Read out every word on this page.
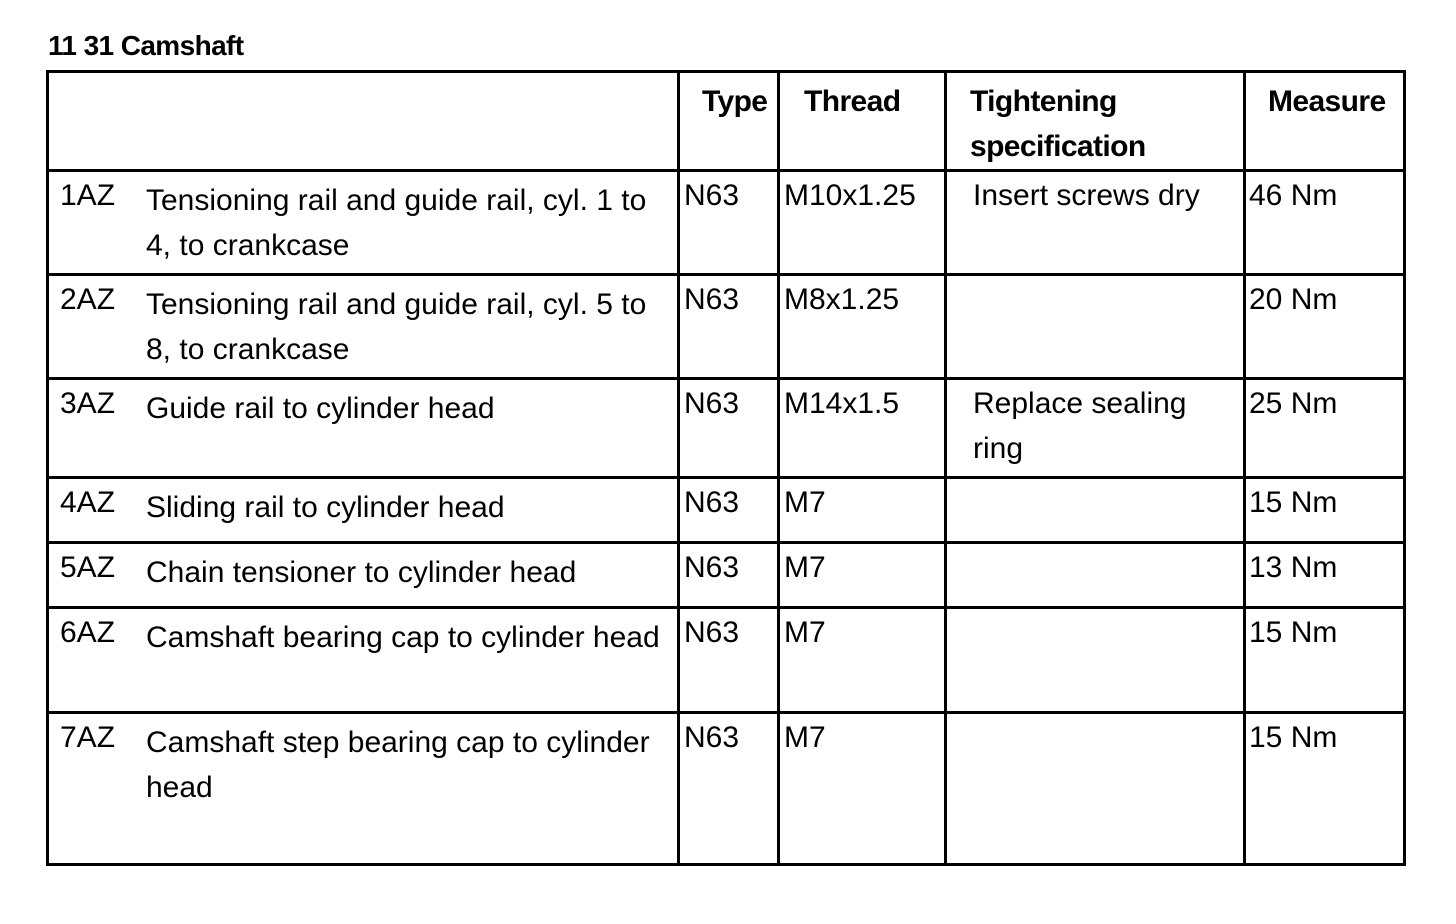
11 31 Camshaft

	Type	Thread	Tightening specification	Measure

1AZ Tensioning rail and guide rail, cyl. 1 to 4, to crankcase	N63	M10x1.25	Insert screws dry	46 Nm

2AZ Tensioning rail and guide rail, cyl. 5 to 8, to crankcase	N63	M8x1.25		20 Nm

3AZ Guide rail to cylinder head	N63	M14x1.5	Replace sealing ring	25 Nm

4AZ Sliding rail to cylinder head	N63	M7		15 Nm

5AZ Chain tensioner to cylinder head	N63	M7		13 Nm

6AZ Camshaft bearing cap to cylinder head	N63	M7		15 Nm

7AZ Camshaft step bearing cap to cylinder head	N63	M7		15 Nm
